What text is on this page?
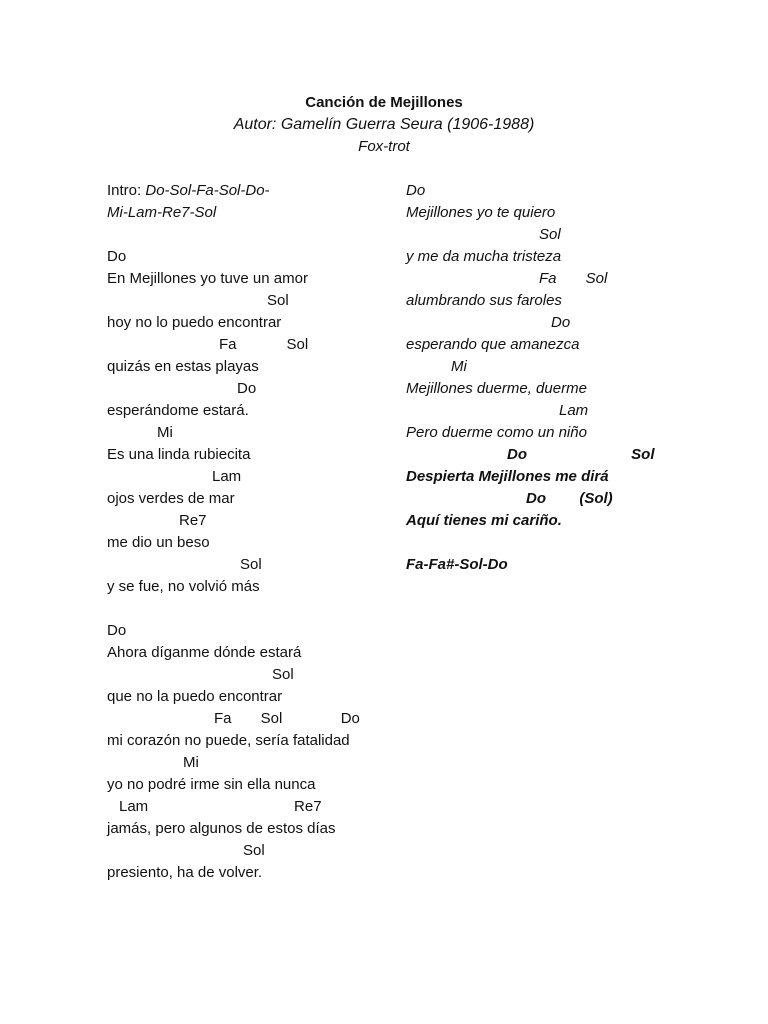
Canción de Mejillones
Autor: Gamelín Guerra Seura (1906-1988)
Fox-trot
Intro: Do-Sol-Fa-Sol-Do-
Mi-Lam-Re7-Sol
Do
En Mejillones yo tuve un amor
Sol
hoy no lo puedo encontrar
Fa            Sol
quizás en estas playas
Do
esperándome estará.
Mi
Es una linda rubiecita
Lam
ojos verdes de mar
Re7
me dio un beso
Sol
y se fue, no volvió más
Do
Ahora díganme dónde estará
Sol
que no la puedo encontrar
Fa       Sol              Do
mi corazón no puede, sería fatalidad
Mi
yo no podré irme sin ella nunca
Lam                                   Re7
jamás, pero algunos de estos días
Sol
presiento, ha de volver.
Do
Mejillones yo te quiero
Sol
y me da mucha tristeza
Fa       Sol
alumbrando sus faroles
Do
esperando que amanezca
Mi
Mejillones duerme, duerme
Lam
Pero duerme como un niño
Do                         Sol
Despierta Mejillones me dirá
Do        (Sol)
Aquí tienes mi cariño.
Fa-Fa#-Sol-Do
